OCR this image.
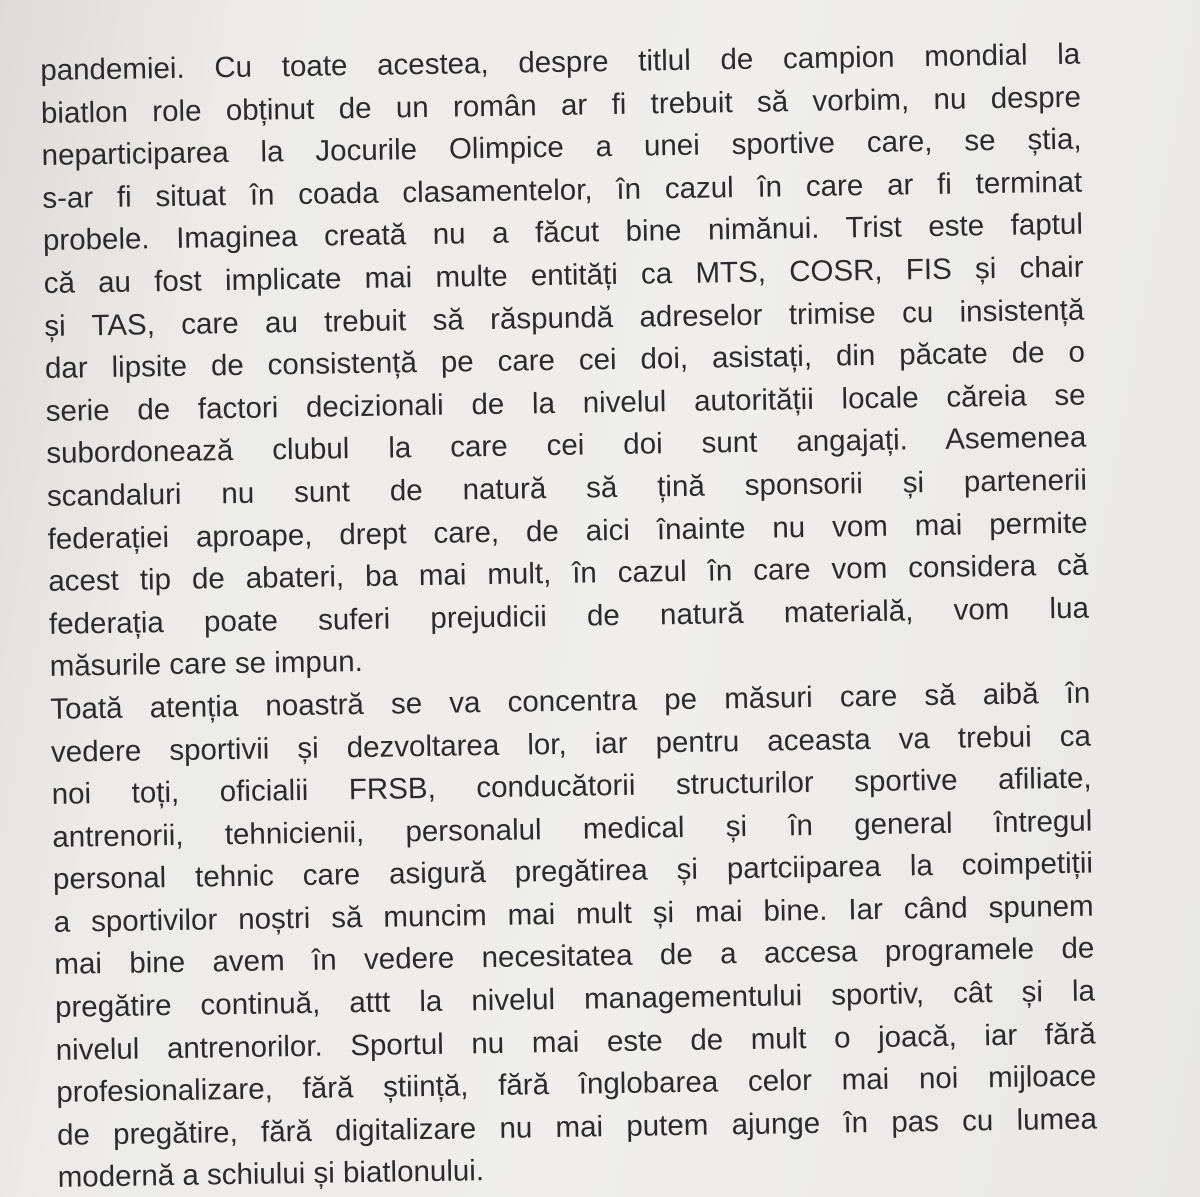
pandemiei. Cu toate acestea, despre titlul de campion mondial la
biatlon role obținut de un român ar fi trebuit să vorbim, nu despre
neparticiparea la Jocurile Olimpice a unei sportive care, se știa,
s-ar fi situat în coada clasamentelor, în cazul în care ar fi terminat
probele. Imaginea creată nu a făcut bine nimănui. Trist este faptul
că au fost implicate mai multe entități ca MTS, COSR, FIS și chair
și TAS, care au trebuit să răspundă adreselor trimise cu insistență
dar lipsite de consistență pe care cei doi, asistați, din păcate de o
serie de factori decizionali de la nivelul autorității locale căreia se
subordonează clubul la care cei doi sunt angajați. Asemenea
scandaluri nu sunt de natură să țină sponsorii și partenerii
federației aproape, drept care, de aici înainte nu vom mai permite
acest tip de abateri, ba mai mult, în cazul în care vom considera că
federația poate suferi prejudicii de natură materială, vom lua
măsurile care se impun.
Toată atenția noastră se va concentra pe măsuri care să aibă în
vedere sportivii și dezvoltarea lor, iar pentru aceasta va trebui ca
noi toți, oficialii FRSB, conducătorii structurilor sportive afiliate,
antrenorii, tehnicienii, personalul medical și în general întregul
personal tehnic care asigură pregătirea și partciiparea la coimpetiții
a sportivilor noștri să muncim mai mult și mai bine. Iar când spunem
mai bine avem în vedere necesitatea de a accesa programele de
pregătire continuă, attt la nivelul managementului sportiv, cât și la
nivelul antrenorilor. Sportul nu mai este de mult o joacă, iar fără
profesionalizare, fără știință, fără înglobarea celor mai noi mijloace
de pregătire, fără digitalizare nu mai putem ajunge în pas cu lumea
modernă a schiului și biatlonului.
